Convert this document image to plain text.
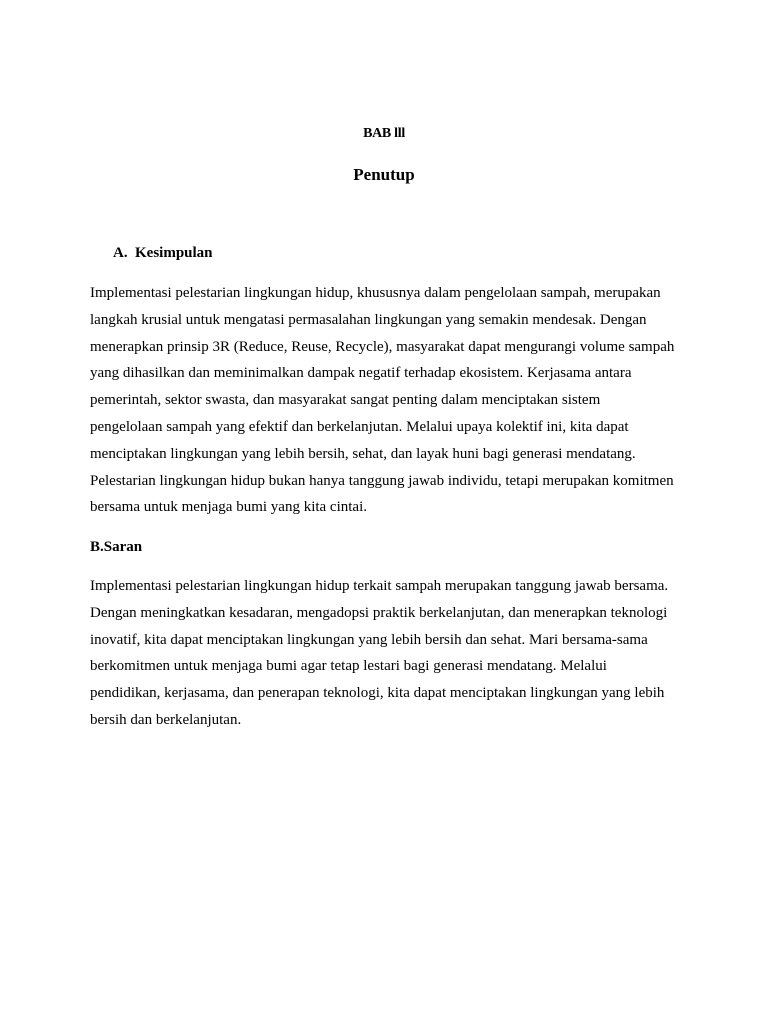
BAB lll
Penutup
A. Kesimpulan
Implementasi pelestarian lingkungan hidup, khususnya dalam pengelolaan sampah, merupakan
langkah krusial untuk mengatasi permasalahan lingkungan yang semakin mendesak. Dengan
menerapkan prinsip 3R (Reduce, Reuse, Recycle), masyarakat dapat mengurangi volume sampah
yang dihasilkan dan meminimalkan dampak negatif terhadap ekosistem. Kerjasama antara
pemerintah, sektor swasta, dan masyarakat sangat penting dalam menciptakan sistem
pengelolaan sampah yang efektif dan berkelanjutan. Melalui upaya kolektif ini, kita dapat
menciptakan lingkungan yang lebih bersih, sehat, dan layak huni bagi generasi mendatang.
Pelestarian lingkungan hidup bukan hanya tanggung jawab individu, tetapi merupakan komitmen
bersama untuk menjaga bumi yang kita cintai.
B.Saran
Implementasi pelestarian lingkungan hidup terkait sampah merupakan tanggung jawab bersama.
Dengan meningkatkan kesadaran, mengadopsi praktik berkelanjutan, dan menerapkan teknologi
inovatif, kita dapat menciptakan lingkungan yang lebih bersih dan sehat. Mari bersama-sama
berkomitmen untuk menjaga bumi agar tetap lestari bagi generasi mendatang. Melalui
pendidikan, kerjasama, dan penerapan teknologi, kita dapat menciptakan lingkungan yang lebih
bersih dan berkelanjutan.
